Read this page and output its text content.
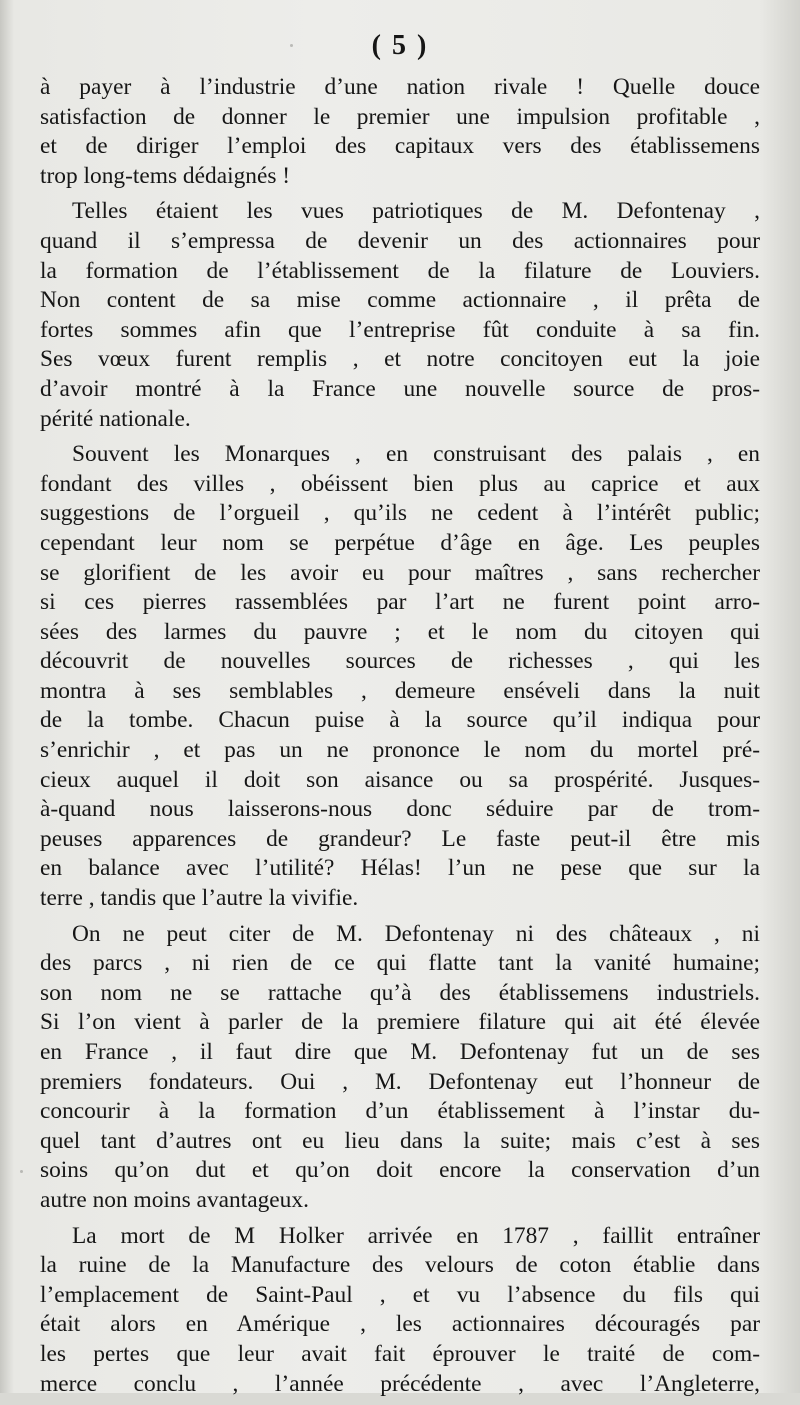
( 5 )

à payer à l’industrie d’une nation rivale ! Quelle douce
satisfaction de donner le premier une impulsion profitable ,
et de diriger l’emploi des capitaux vers des établissemens
trop long-tems dédaignés !

Telles étaient les vues patriotiques de M. Defontenay ,
quand il s’empressa de devenir un des actionnaires pour
la formation de l’établissement de la filature de Louviers.
Non content de sa mise comme actionnaire , il prêta de
fortes sommes afin que l’entreprise fût conduite à sa fin.
Ses vœux furent remplis , et notre concitoyen eut la joie
d’avoir montré à la France une nouvelle source de pros-
périté nationale.

Souvent les Monarques , en construisant des palais , en
fondant des villes , obéissent bien plus au caprice et aux
suggestions de l’orgueil , qu’ils ne cedent à l’intérêt public;
cependant leur nom se perpétue d’âge en âge. Les peuples
se glorifient de les avoir eu pour maîtres , sans rechercher
si ces pierres rassemblées par l’art ne furent point arro-
sées des larmes du pauvre ; et le nom du citoyen qui
découvrit de nouvelles sources de richesses , qui les
montra à ses semblables , demeure enséveli dans la nuit
de la tombe. Chacun puise à la source qu’il indiqua pour
s’enrichir , et pas un ne prononce le nom du mortel pré-
cieux auquel il doit son aisance ou sa prospérité. Jusques-
à-quand nous laisserons-nous donc séduire par de trom-
peuses apparences de grandeur? Le faste peut-il être mis
en balance avec l’utilité? Hélas! l’un ne pese que sur la
terre , tandis que l’autre la vivifie.

On ne peut citer de M. Defontenay ni des châteaux , ni
des parcs , ni rien de ce qui flatte tant la vanité humaine;
son nom ne se rattache qu’à des établissemens industriels.
Si l’on vient à parler de la premiere filature qui ait été élevée
en France , il faut dire que M. Defontenay fut un de ses
premiers fondateurs. Oui , M. Defontenay eut l’honneur de
concourir à la formation d’un établissement à l’instar du-
quel tant d’autres ont eu lieu dans la suite; mais c’est à ses
soins qu’on dut et qu’on doit encore la conservation d’un
autre non moins avantageux.

La mort de M Holker arrivée en 1787 , faillit entraîner
la ruine de la Manufacture des velours de coton établie dans
l’emplacement de Saint-Paul , et vu l’absence du fils qui
était alors en Amérique , les actionnaires découragés par
les pertes que leur avait fait éprouver le traité de com-
merce conclu , l’année précédente , avec l’Angleterre,
